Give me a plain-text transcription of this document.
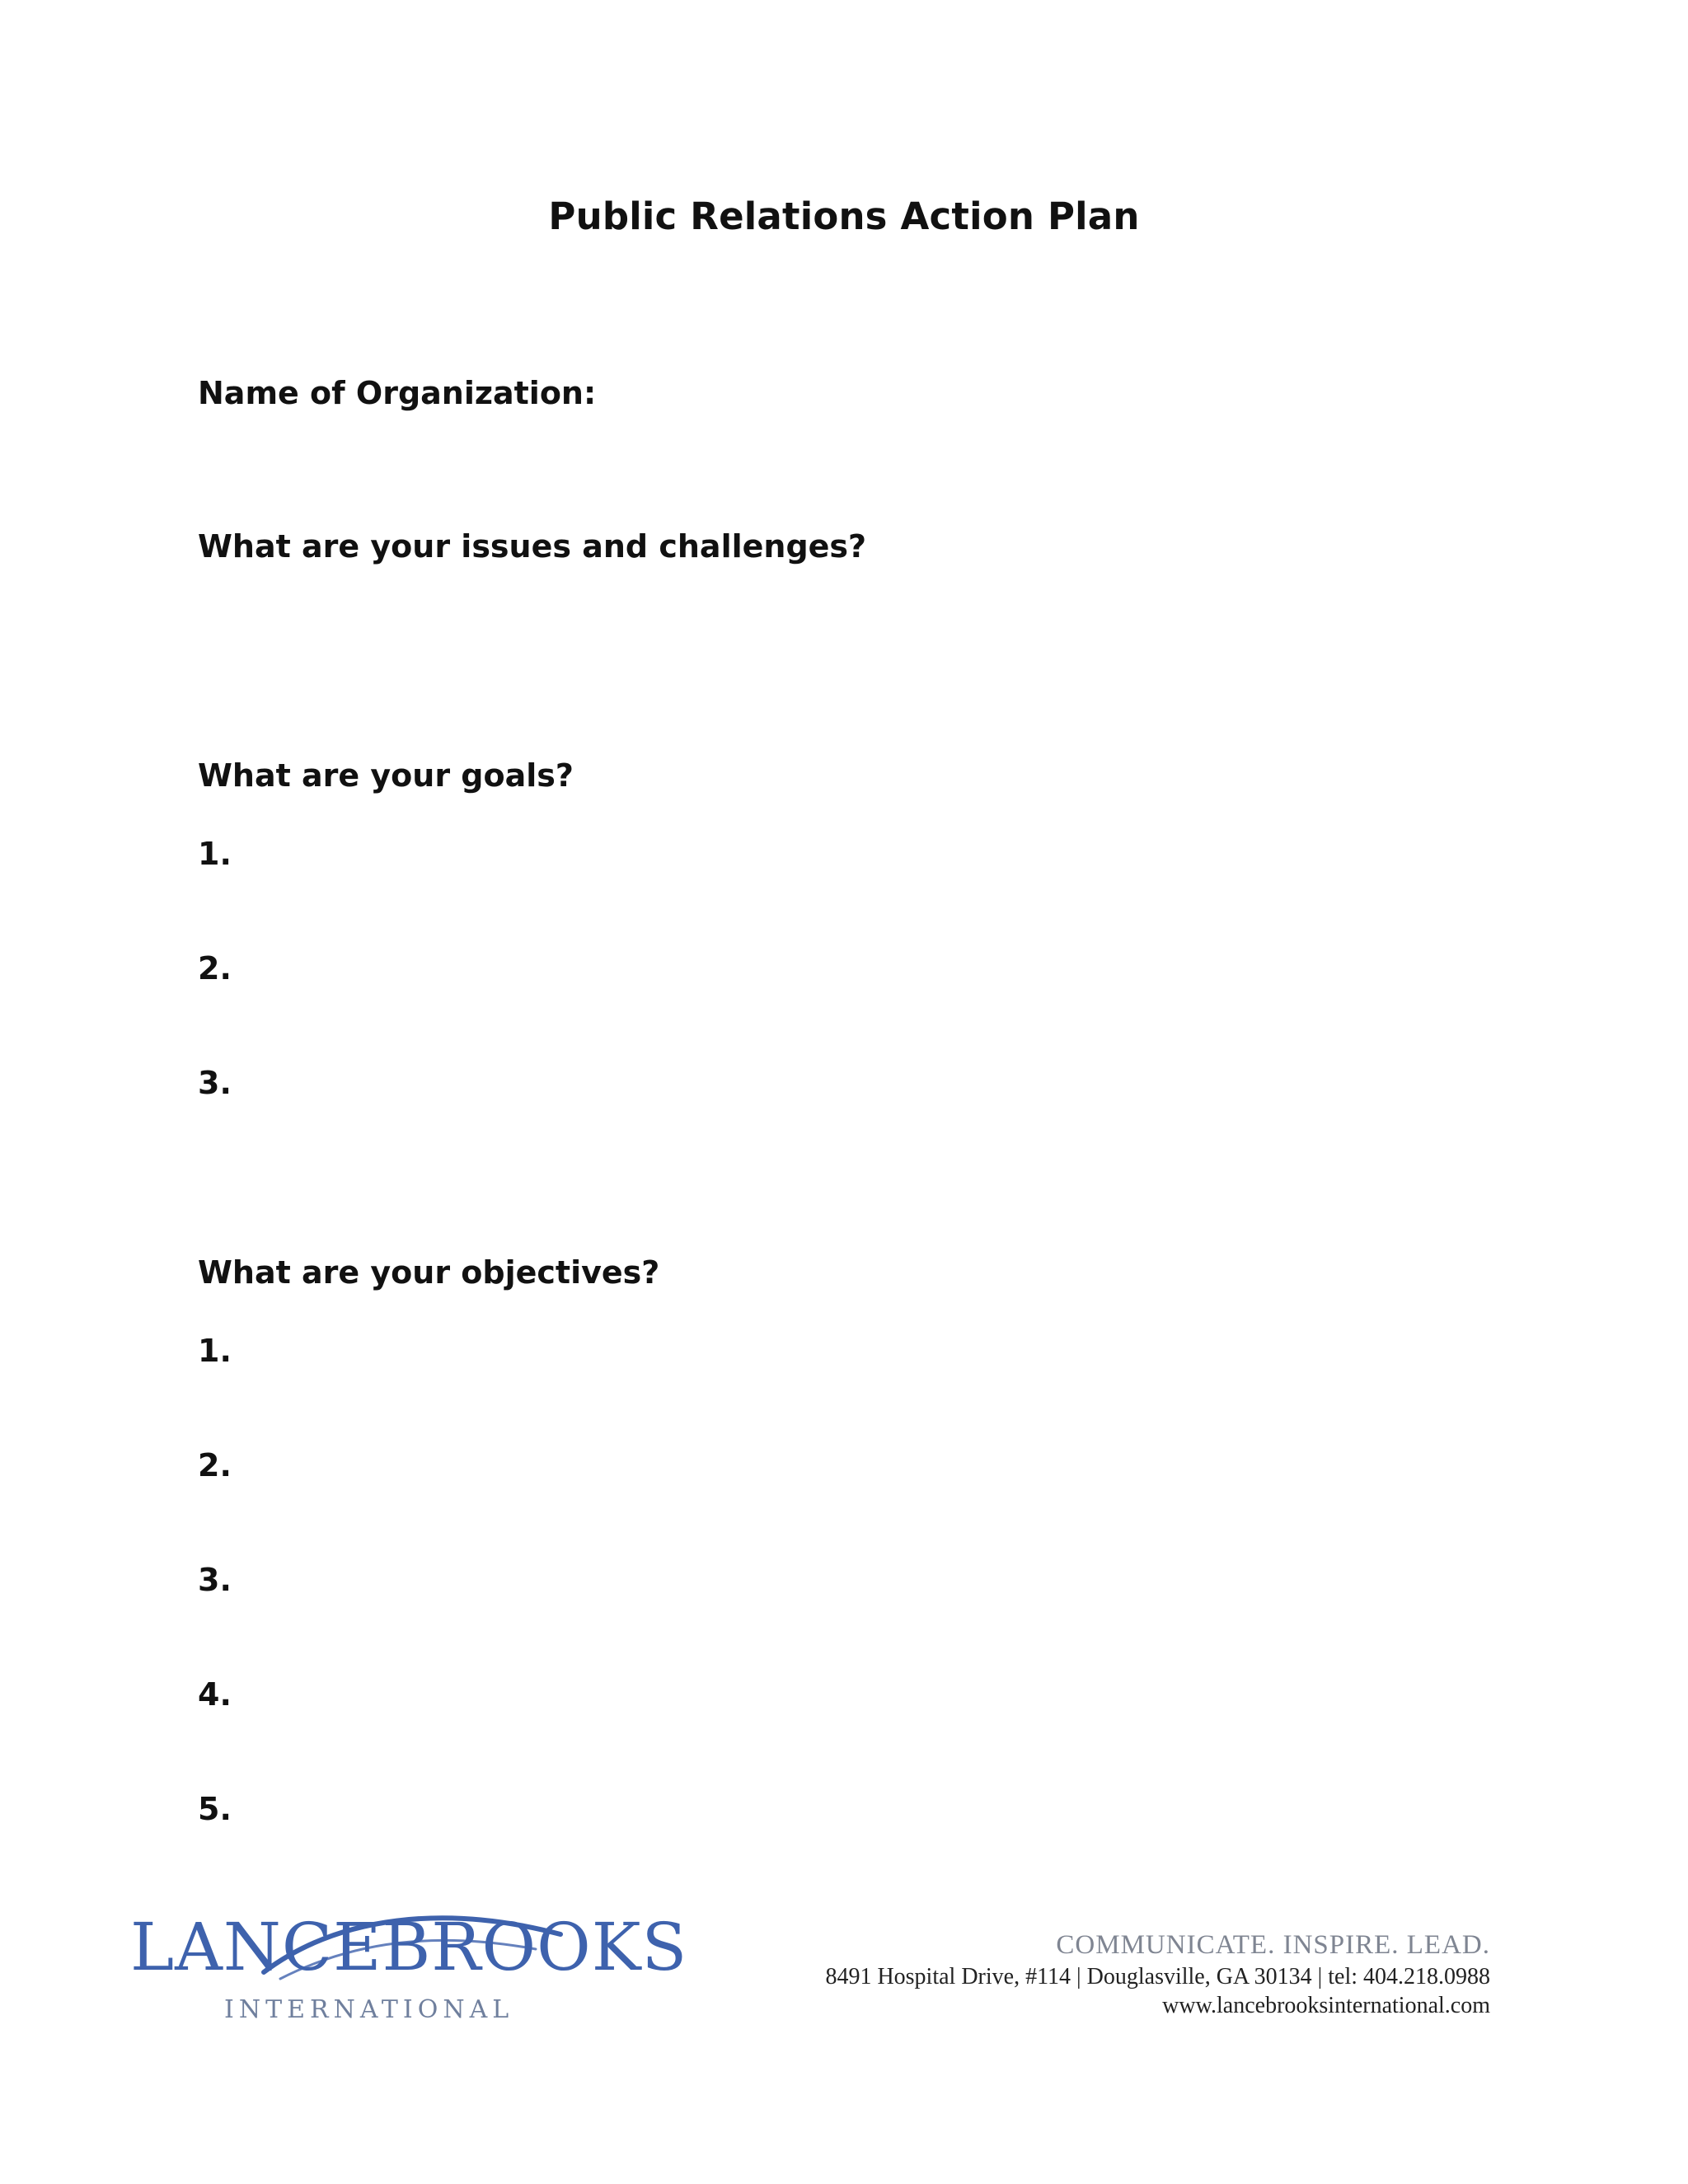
Public Relations Action Plan
Name of Organization:
What are your issues and challenges?
What are your goals?
1.
2.
3.
What are your objectives?
1.
2.
3.
4.
5.
LANCEBROOKS
INTERNATIONAL
COMMUNICATE. INSPIRE. LEAD.
8491 Hospital Drive, #114 | Douglasville, GA 30134 | tel: 404.218.0988
www.lancebrooksinternational.com
